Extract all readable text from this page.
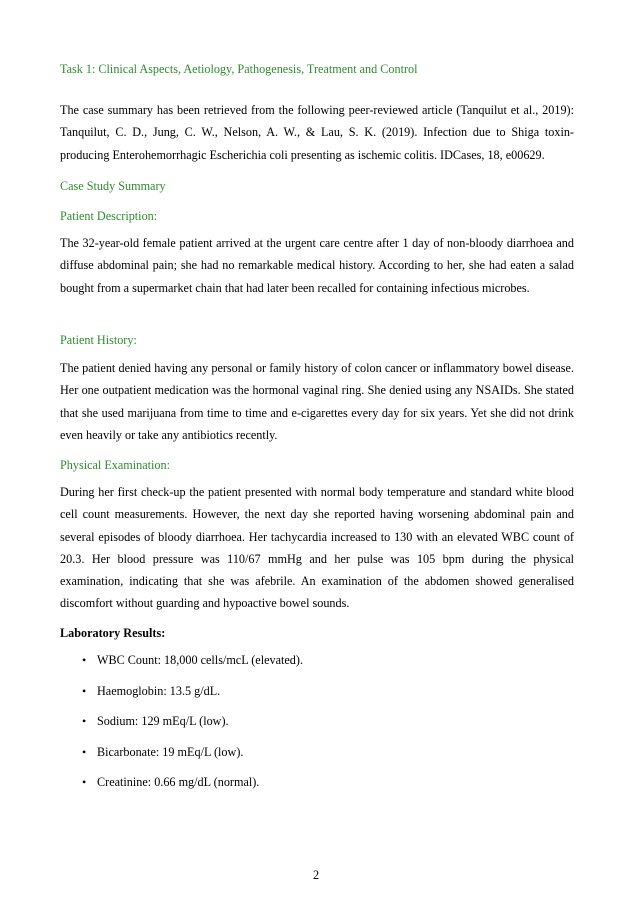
Task 1: Clinical Aspects, Aetiology, Pathogenesis, Treatment and Control

The case summary has been retrieved from the following peer-reviewed article (Tanquilut et al., 2019): Tanquilut, C. D., Jung, C. W., Nelson, A. W., & Lau, S. K. (2019). Infection due to Shiga toxin-producing Enterohemorrhagic Escherichia coli presenting as ischemic colitis. IDCases, 18, e00629.

Case Study Summary
Patient Description:

The 32-year-old female patient arrived at the urgent care centre after 1 day of non-bloody diarrhoea and diffuse abdominal pain; she had no remarkable medical history. According to her, she had eaten a salad bought from a supermarket chain that had later been recalled for containing infectious microbes.

Patient History:

The patient denied having any personal or family history of colon cancer or inflammatory bowel disease. Her one outpatient medication was the hormonal vaginal ring. She denied using any NSAIDs. She stated that she used marijuana from time to time and e-cigarettes every day for six years. Yet she did not drink even heavily or take any antibiotics recently.

Physical Examination:

During her first check-up the patient presented with normal body temperature and standard white blood cell count measurements. However, the next day she reported having worsening abdominal pain and several episodes of bloody diarrhoea. Her tachycardia increased to 130 with an elevated WBC count of 20.3. Her blood pressure was 110/67 mmHg and her pulse was 105 bpm during the physical examination, indicating that she was afebrile. An examination of the abdomen showed generalised discomfort without guarding and hypoactive bowel sounds.

Laboratory Results:
• WBC Count: 18,000 cells/mcL (elevated).
• Haemoglobin: 13.5 g/dL.
• Sodium: 129 mEq/L (low).
• Bicarbonate: 19 mEq/L (low).
• Creatinine: 0.66 mg/dL (normal).
2
